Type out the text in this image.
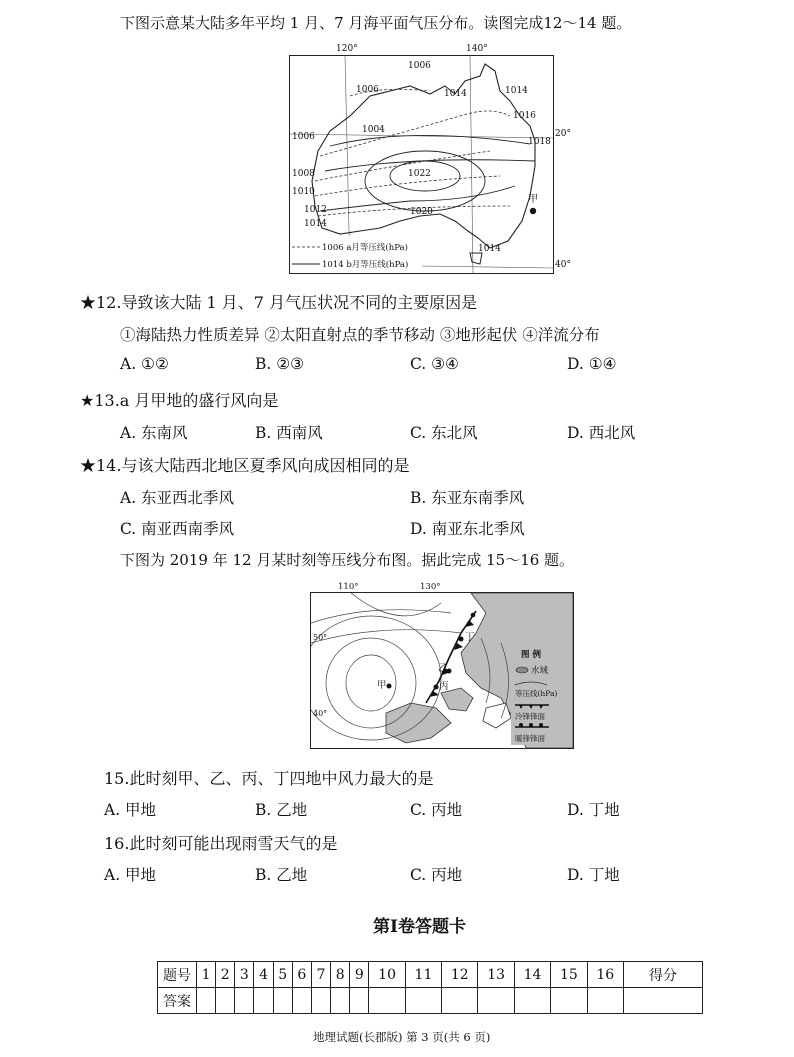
下图示意某大陆多年平均 1 月、7 月海平面气压分布。读图完成12～14 题。
1006
1006	1014	1014
1016
1018
1006
1004
1008
1010
1012
1014
1022
1020
1014
甲
1006 a月等压线(hPa)
1014 b月等压线(hPa)
120°	140°
20°
40°
★12.导致该大陆 1 月、7 月气压状况不同的主要原因是
①海陆热力性质差异 ②太阳直射点的季节移动 ③地形起伏 ④洋流分布
A. ①②	B. ②③	C. ③④	D. ①④
★13.a 月甲地的盛行风向是
A. 东南风	B. 西南风	C. 东北风	D. 西北风
★14.与该大陆西北地区夏季风向成因相同的是
A. 东亚西北季风	B. 东亚东南季风
C. 南亚西南季风	D. 南亚东北季风
下图为 2019 年 12 月某时刻等压线分布图。据此完成 15～16 题。
110°	130°
丁
乙
甲	丙
50°
40°
图 例
水域
等压线(hPa)
冷锋锋面
暖锋锋面
15.此时刻甲、乙、丙、丁四地中风力最大的是
A. 甲地	B. 乙地	C. 丙地	D. 丁地
16.此时刻可能出现雨雪天气的是
A. 甲地	B. 乙地	C. 丙地	D. 丁地
第Ⅰ卷答题卡
题号	1	2	3	4	5	6	7	8	9	10	11	12	13	14	15	16	得分
答案																	
地理试题(长郡版) 第 3 页(共 6 页)
